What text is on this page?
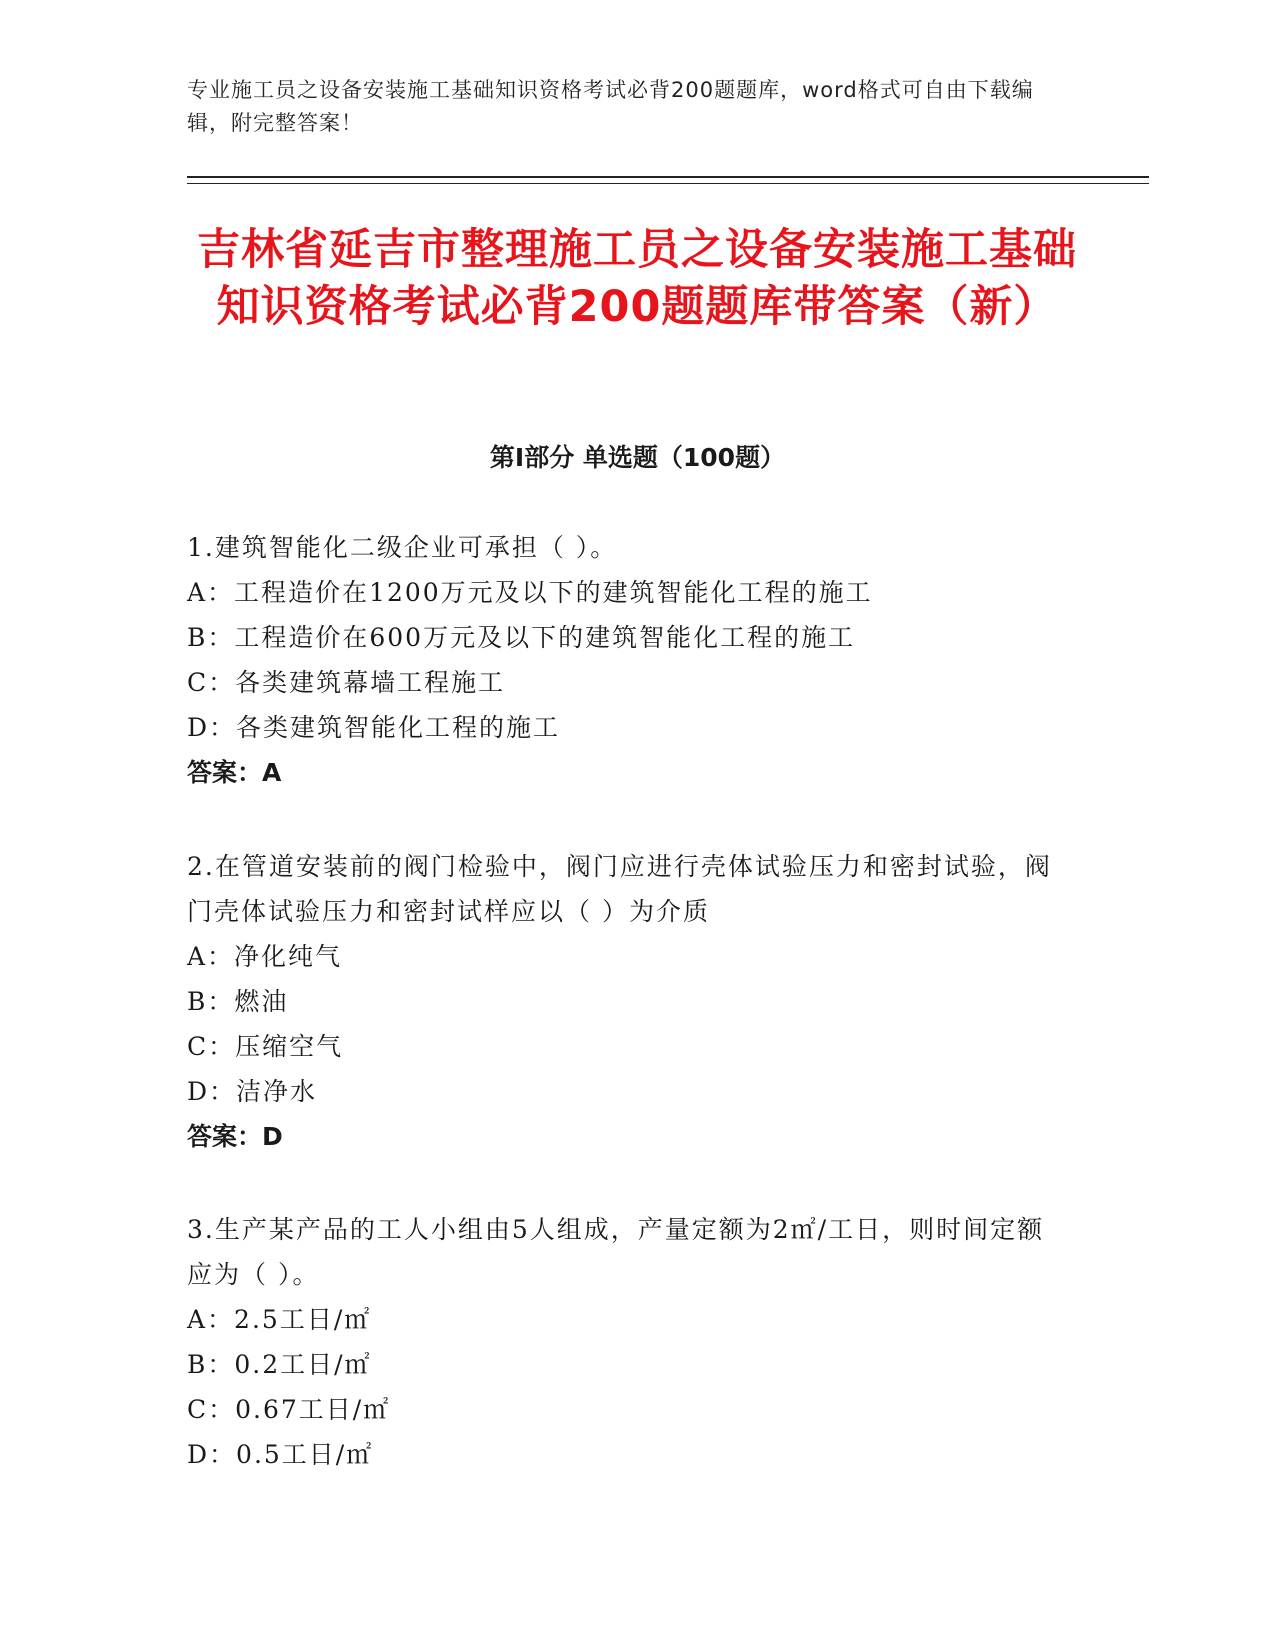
专业施工员之设备安装施工基础知识资格考试必背200题题库，word格式可自由下载编辑，附完整答案！
吉林省延吉市整理施工员之设备安装施工基础知识资格考试必背200题题库带答案（新）
第Ⅰ部分 单选题（100题）
1.建筑智能化二级企业可承担（ ）。
A：工程造价在1200万元及以下的建筑智能化工程的施工
B：工程造价在600万元及以下的建筑智能化工程的施工
C：各类建筑幕墙工程施工
D：各类建筑智能化工程的施工
答案：A
2.在管道安装前的阀门检验中，阀门应进行壳体试验压力和密封试验，阀门壳体试验压力和密封试样应以（ ）为介质
A：净化纯气
B：燃油
C：压缩空气
D：洁净水
答案：D
3.生产某产品的工人小组由5人组成，产量定额为2㎡/工日，则时间定额应为（ ）。
A：2.5工日/㎡
B：0.2工日/㎡
C：0.67工日/㎡
D：0.5工日/㎡
